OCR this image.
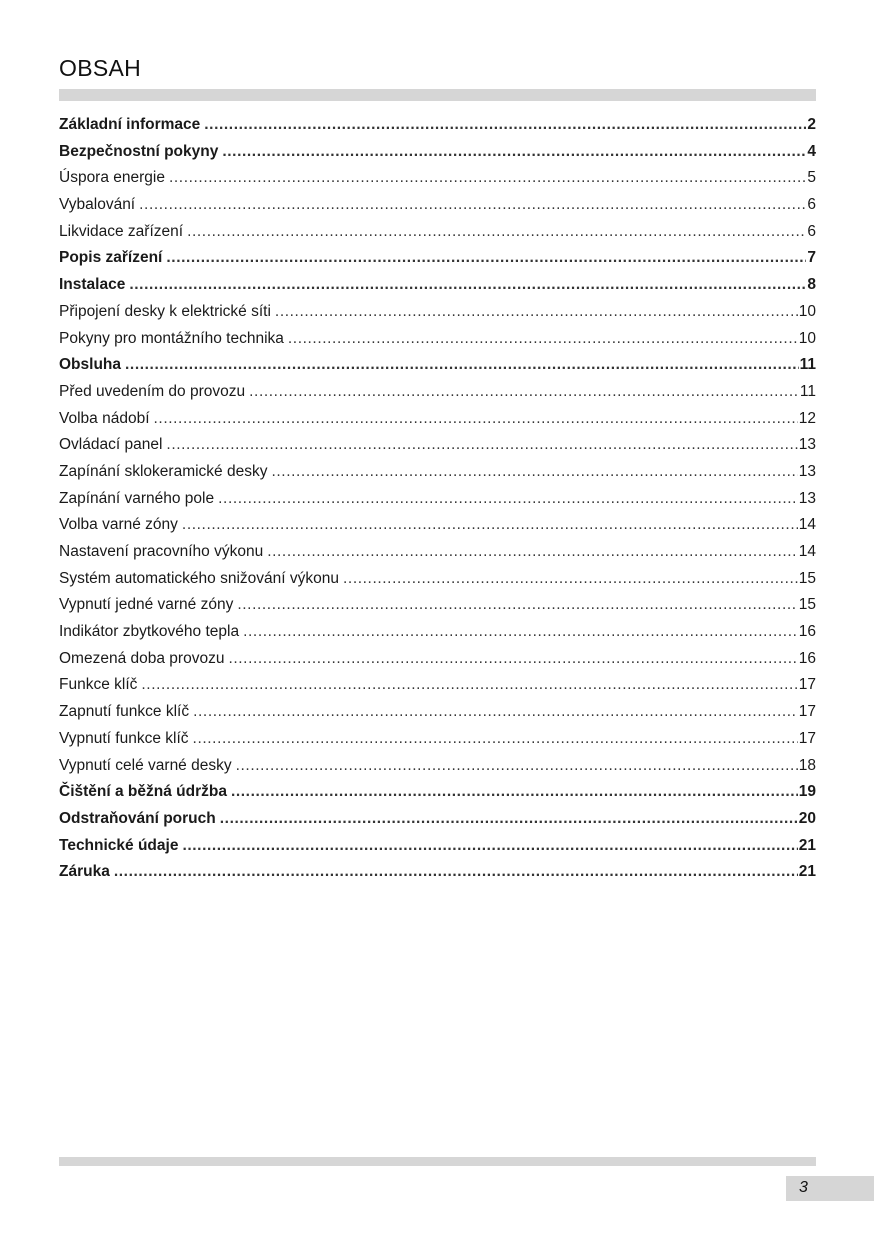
OBSAH
Základní informace .....	2
Bezpečnostní pokyny .....	4
Úspora energie .....	5
Vybalování .....	6
Likvidace zařízení .....	6
Popis zařízení .....	7
Instalace .....	8
Připojení desky k elektrické síti .....	10
Pokyny pro montážního technika .....	10
Obsluha .....	11
Před uvedením do provozu .....	11
Volba nádobí .....	12
Ovládací panel .....	13
Zapínání sklokeramické desky .....	13
Zapínání varného pole .....	13
Volba varné zóny .....	14
Nastavení pracovního výkonu .....	14
Systém automatického snižování výkonu .....	15
Vypnutí jedné varné zóny .....	15
Indikátor zbytkového tepla .....	16
Omezená doba provozu .....	16
Funkce klíč .....	17
Zapnutí funkce klíč .....	17
Vypnutí funkce klíč .....	17
Vypnutí celé varné desky .....	18
Čištění a běžná údržba .....	19
Odstraňování poruch .....	20
Technické údaje .....	21
Záruka .....	21
3
